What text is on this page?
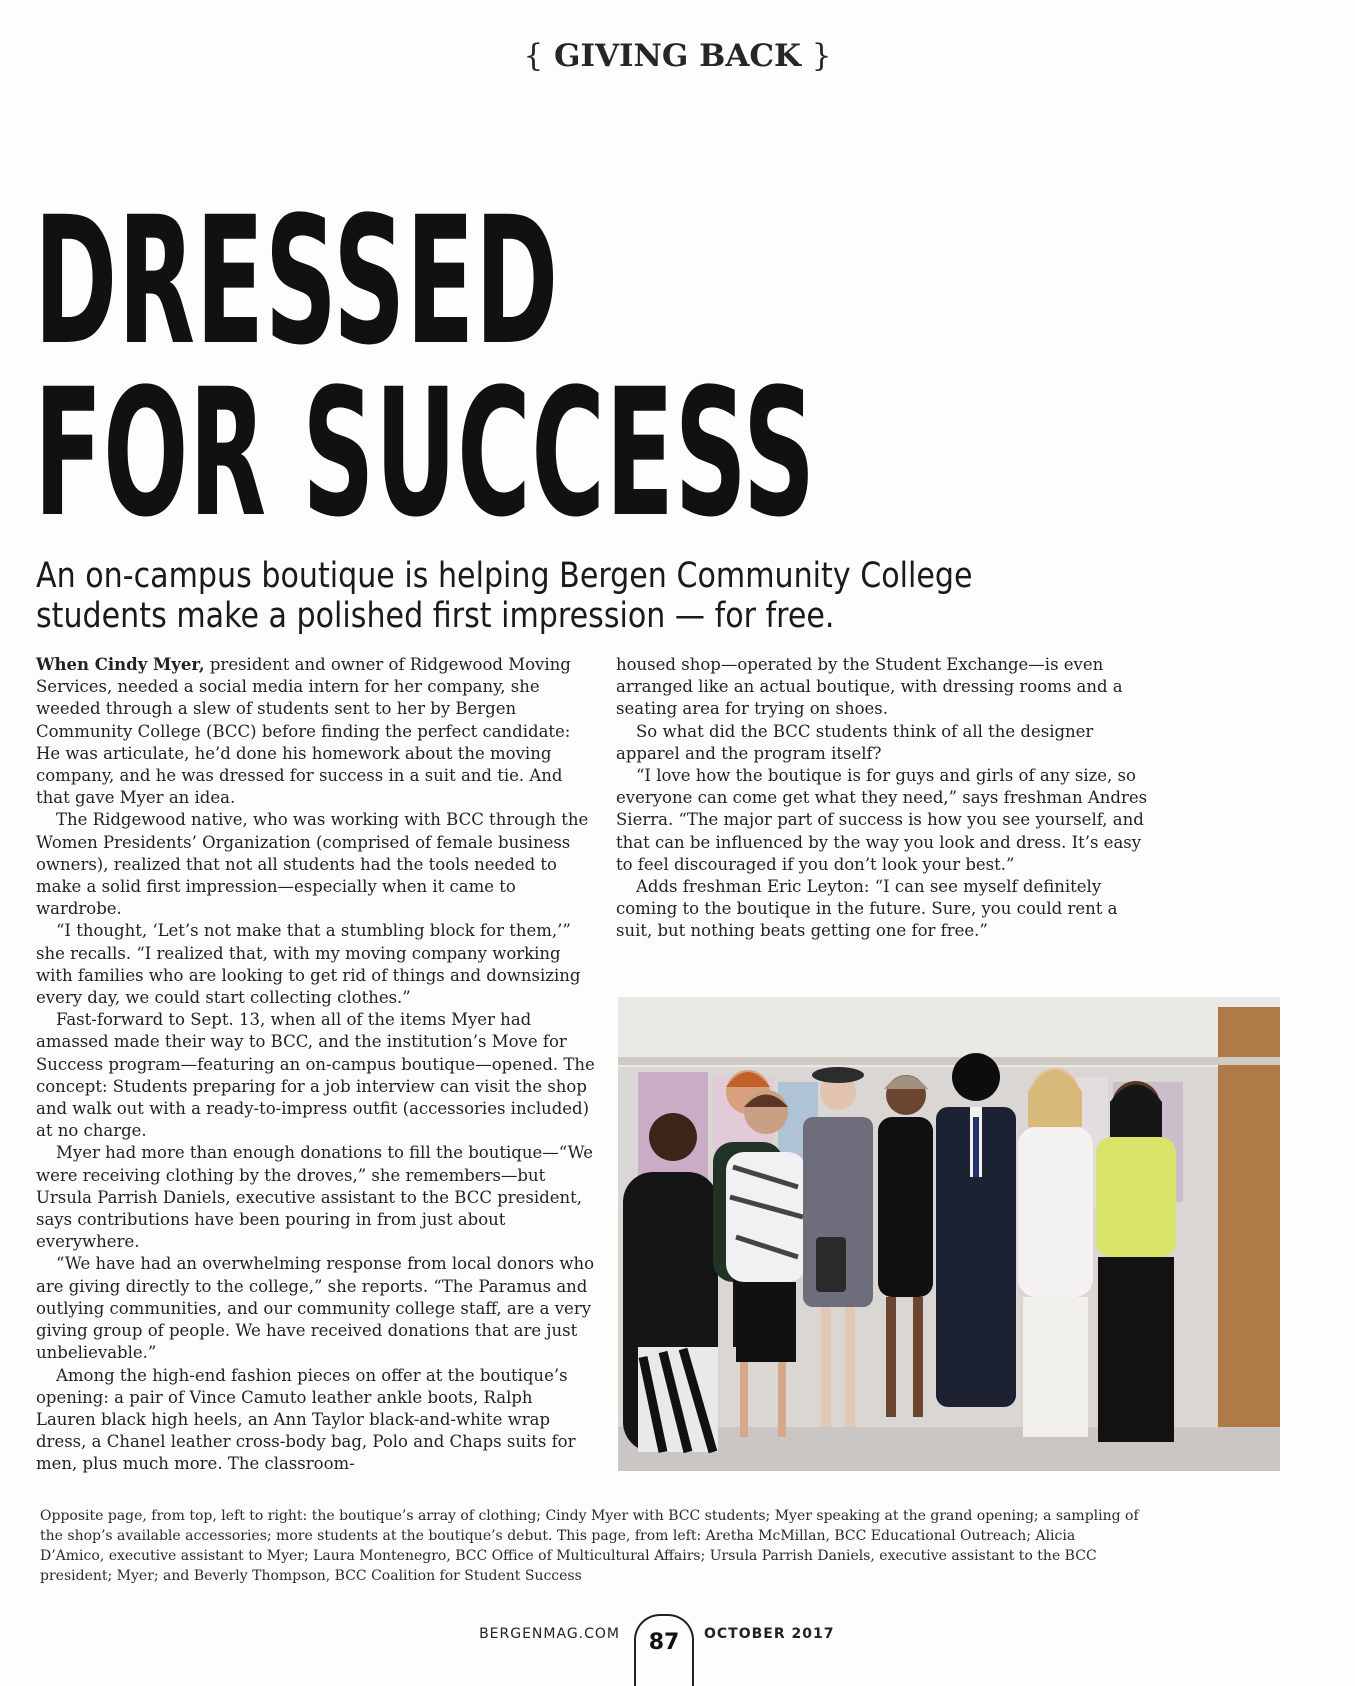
{ GIVING BACK }
DRESSED
FOR SUCCESS

An on-campus boutique is helping Bergen Community College students make a polished first impression — for free.

When Cindy Myer, president and owner of Ridgewood Moving Services, needed a social media intern for her company, she weeded through a slew of students sent to her by Bergen Community College (BCC) before finding the perfect candidate: He was articulate, he’d done his homework about the moving company, and he was dressed for success in a suit and tie. And that gave Myer an idea.

The Ridgewood native, who was working with BCC through the Women Presidents’ Organization (comprised of female business owners), realized that not all students had the tools needed to make a solid first impression—especially when it came to wardrobe.

“I thought, ‘Let’s not make that a stumbling block for them,’” she recalls. “I realized that, with my moving company working with families who are looking to get rid of things and downsizing every day, we could start collecting clothes.”

Fast-forward to Sept. 13, when all of the items Myer had amassed made their way to BCC, and the institution’s Move for Success program—featuring an on-campus boutique—opened. The concept: Students preparing for a job interview can visit the shop and walk out with a ready-to-impress outfit (accessories included) at no charge.

Myer had more than enough donations to fill the boutique—“We were receiving clothing by the droves,” she remembers—but Ursula Parrish Daniels, executive assistant to the BCC president, says contributions have been pouring in from just about everywhere.

“We have had an overwhelming response from local donors who are giving directly to the college,” she reports. “The Paramus and outlying communities, and our community college staff, are a very giving group of people. We have received donations that are just unbelievable.”

Among the high-end fashion pieces on offer at the boutique’s opening: a pair of Vince Camuto leather ankle boots, Ralph Lauren black high heels, an Ann Taylor black-and-white wrap dress, a Chanel leather cross-body bag, Polo and Chaps suits for men, plus much more. The classroom-

housed shop—operated by the Student Exchange—is even arranged like an actual boutique, with dressing rooms and a seating area for trying on shoes.

So what did the BCC students think of all the designer apparel and the program itself?

“I love how the boutique is for guys and girls of any size, so everyone can come get what they need,” says freshman Andres Sierra. “The major part of success is how you see yourself, and that can be influenced by the way you look and dress. It’s easy to feel discouraged if you don’t look your best.”

Adds freshman Eric Leyton: “I can see myself definitely coming to the boutique in the future. Sure, you could rent a suit, but nothing beats getting one for free.”

Opposite page, from top, left to right: the boutique’s array of clothing; Cindy Myer with BCC students; Myer speaking at the grand opening; a sampling of the shop’s available accessories; more students at the boutique’s debut. This page, from left: Aretha McMillan, BCC Educational Outreach; Alicia D’Amico, executive assistant to Myer; Laura Montenegro, BCC Office of Multicultural Affairs; Ursula Parrish Daniels, executive assistant to the BCC president; Myer; and Beverly Thompson, BCC Coalition for Student Success

BERGENMAG.COM	87	OCTOBER 2017
